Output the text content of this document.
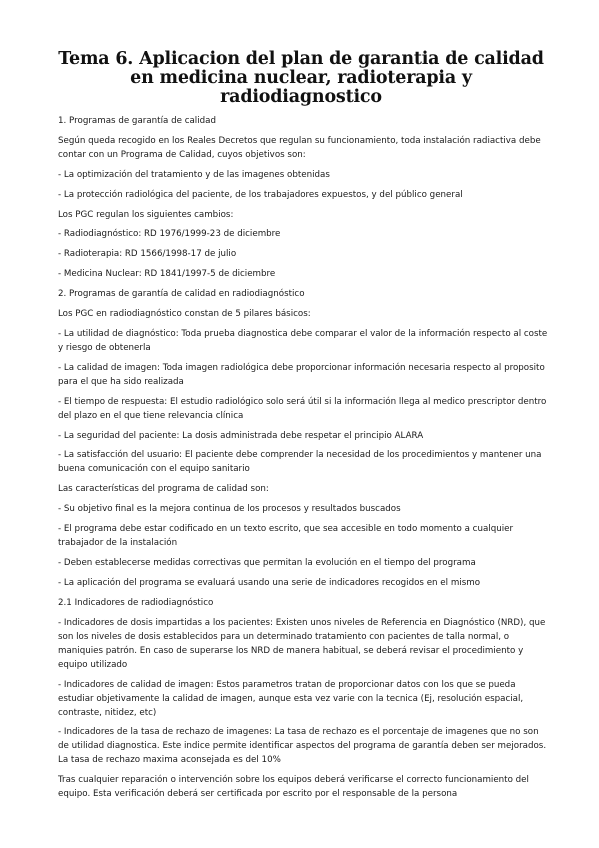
Tema 6. Aplicacion del plan de garantia de calidad en medicina nuclear, radioterapia y radiodiagnostico

1. Programas de garantía de calidad

Según queda recogido en los Reales Decretos que regulan su funcionamiento, toda instalación radiactiva debe contar con un Programa de Calidad, cuyos objetivos son:

- La optimización del tratamiento y de las imagenes obtenidas

- La protección radiológica del paciente, de los trabajadores expuestos, y del público general

Los PGC regulan los siguientes cambios:

- Radiodiagnóstico: RD 1976/1999-23 de diciembre

- Radioterapia: RD 1566/1998-17 de julio

- Medicina Nuclear: RD 1841/1997-5 de diciembre

2. Programas de garantía de calidad en radiodiagnóstico

Los PGC en radiodiagnóstico constan de 5 pilares básicos:

- La utilidad de diagnóstico: Toda prueba diagnostica debe comparar el valor de la información respecto al coste y riesgo de obtenerla

- La calidad de imagen: Toda imagen radiológica debe proporcionar información necesaria respecto al proposito para el que ha sido realizada

- El tiempo de respuesta: El estudio radiológico solo será útil si la información llega al medico prescriptor dentro del plazo en el que tiene relevancia clínica

- La seguridad del paciente: La dosis administrada debe respetar el principio ALARA

- La satisfacción del usuario: El paciente debe comprender la necesidad de los procedimientos y mantener una buena comunicación con el equipo sanitario

Las características del programa de calidad son:

- Su objetivo final es la mejora continua de los procesos y resultados buscados

- El programa debe estar codificado en un texto escrito, que sea accesible en todo momento a cualquier trabajador de la instalación

- Deben establecerse medidas correctivas que permitan la evolución en el tiempo del programa

- La aplicación del programa se evaluará usando una serie de indicadores recogidos en el mismo

2.1 Indicadores de radiodiagnóstico

- Indicadores de dosis impartidas a los pacientes: Existen unos niveles de Referencia en Diagnóstico (NRD), que son los niveles de dosis establecidos para un determinado tratamiento con pacientes de talla normal, o maniquies patrón. En caso de superarse los NRD de manera habitual, se deberá revisar el procedimiento y equipo utilizado

- Indicadores de calidad de imagen: Estos parametros tratan de proporcionar datos con los que se pueda estudiar objetivamente la calidad de imagen, aunque esta vez varie con la tecnica (Ej, resolución espacial, contraste, nitidez, etc)

- Indicadores de la tasa de rechazo de imagenes: La tasa de rechazo es el porcentaje de imagenes que no son de utilidad diagnostica. Este indice permite identificar aspectos del programa de garantía deben ser mejorados. La tasa de rechazo maxima aconsejada es del 10%

Tras cualquier reparación o intervención sobre los equipos deberá verificarse el correcto funcionamiento del equipo. Esta verificación deberá ser certificada por escrito por el responsable de la persona
